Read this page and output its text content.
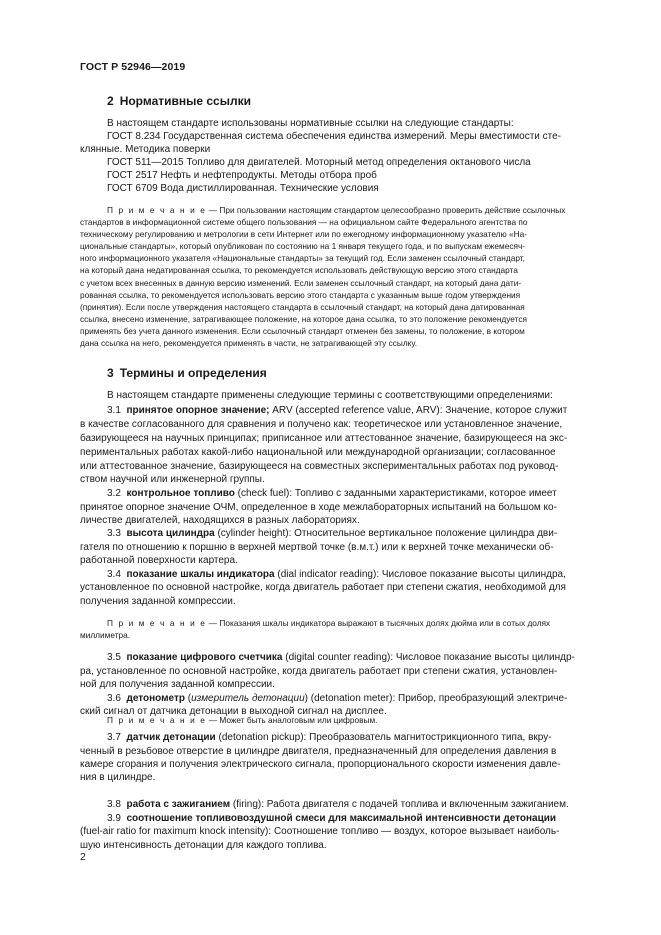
ГОСТ Р 52946—2019
2 Нормативные ссылки
В настоящем стандарте использованы нормативные ссылки на следующие стандарты:
ГОСТ 8.234 Государственная система обеспечения единства измерений. Меры вместимости сте-
клянные. Методика поверки
ГОСТ 511—2015 Топливо для двигателей. Моторный метод определения октанового числа
ГОСТ 2517 Нефть и нефтепродукты. Методы отбора проб
ГОСТ 6709 Вода дистиллированная. Технические условия
П р и м е ч а н и е — При пользовании настоящим стандартом целесообразно проверить действие ссылочных
стандартов в информационной системе общего пользования — на официальном сайте Федерального агентства по
техническому регулированию и метрологии в сети Интернет или по ежегодному информационному указателю «На-
циональные стандарты», который опубликован по состоянию на 1 января текущего года, и по выпускам ежемесяч-
ного информационного указателя «Национальные стандарты» за текущий год. Если заменен ссылочный стандарт,
на который дана недатированная ссылка, то рекомендуется использовать действующую версию этого стандарта
с учетом всех внесенных в данную версию изменений. Если заменен ссылочный стандарт, на который дана дати-
рованная ссылка, то рекомендуется использовать версию этого стандарта с указанным выше годом утверждения
(принятия). Если после утверждения настоящего стандарта в ссылочный стандарт, на который дана датированная
ссылка, внесено изменение, затрагивающее положение, на которое дана ссылка, то это положение рекомендуется
применять без учета данного изменения. Если ссылочный стандарт отменен без замены, то положение, в котором
дана ссылка на него, рекомендуется применять в части, не затрагивающей эту ссылку.
3 Термины и определения
В настоящем стандарте применены следующие термины с соответствующими определениями:
3.1 принятое опорное значение; ARV (accepted reference value, ARV): Значение, которое служит
в качестве согласованного для сравнения и получено как: теоретическое или установленное значение,
базирующееся на научных принципах; приписанное или аттестованное значение, базирующееся на экс-
периментальных работах какой-либо национальной или международной организации; согласованное
или аттестованное значение, базирующееся на совместных экспериментальных работах под руковод-
ством научной или инженерной группы.
3.2 контрольное топливо (check fuel): Топливо с заданными характеристиками, которое имеет
принятое опорное значение ОЧМ, определенное в ходе межлабораторных испытаний на большом ко-
личестве двигателей, находящихся в разных лабораториях.
3.3 высота цилиндра (cylinder height): Относительное вертикальное положение цилиндра дви-
гателя по отношению к поршню в верхней мертвой точке (в.м.т.) или к верхней точке механически об-
работанной поверхности картера.
3.4 показание шкалы индикатора (dial indicator reading): Числовое показание высоты цилиндра,
установленное по основной настройке, когда двигатель работает при степени сжатия, необходимой для
получения заданной компрессии.
П р и м е ч а н и е — Показания шкалы индикатора выражают в тысячных долях дюйма или в сотых долях
миллиметра.
3.5 показание цифрового счетчика (digital counter reading): Числовое показание высоты цилиндр-
ра, установленное по основной настройке, когда двигатель работает при степени сжатия, установлен-
ной для получения заданной компрессии.
3.6 детонометр (измеритель детонации) (detonation meter): Прибор, преобразующий электриче-
ский сигнал от датчика детонации в выходной сигнал на дисплее.
П р и м е ч а н и е — Может быть аналоговым или цифровым.
3.7 датчик детонации (detonation pickup): Преобразователь магнитострикционного типа, вкру-
ченный в резьбовое отверстие в цилиндре двигателя, предназначенный для определения давления в
камере сгорания и получения электрического сигнала, пропорционального скорости изменения давле-
ния в цилиндре.
3.8 работа с зажиганием (firing): Работа двигателя с подачей топлива и включенным зажиганием.
3.9 соотношение топливовоздушной смеси для максимальной интенсивности детонации
(fuel-air ratio for maximum knock intensity): Соотношение топливо — воздух, которое вызывает наиболь-
шую интенсивность детонации для каждого топлива.
2
